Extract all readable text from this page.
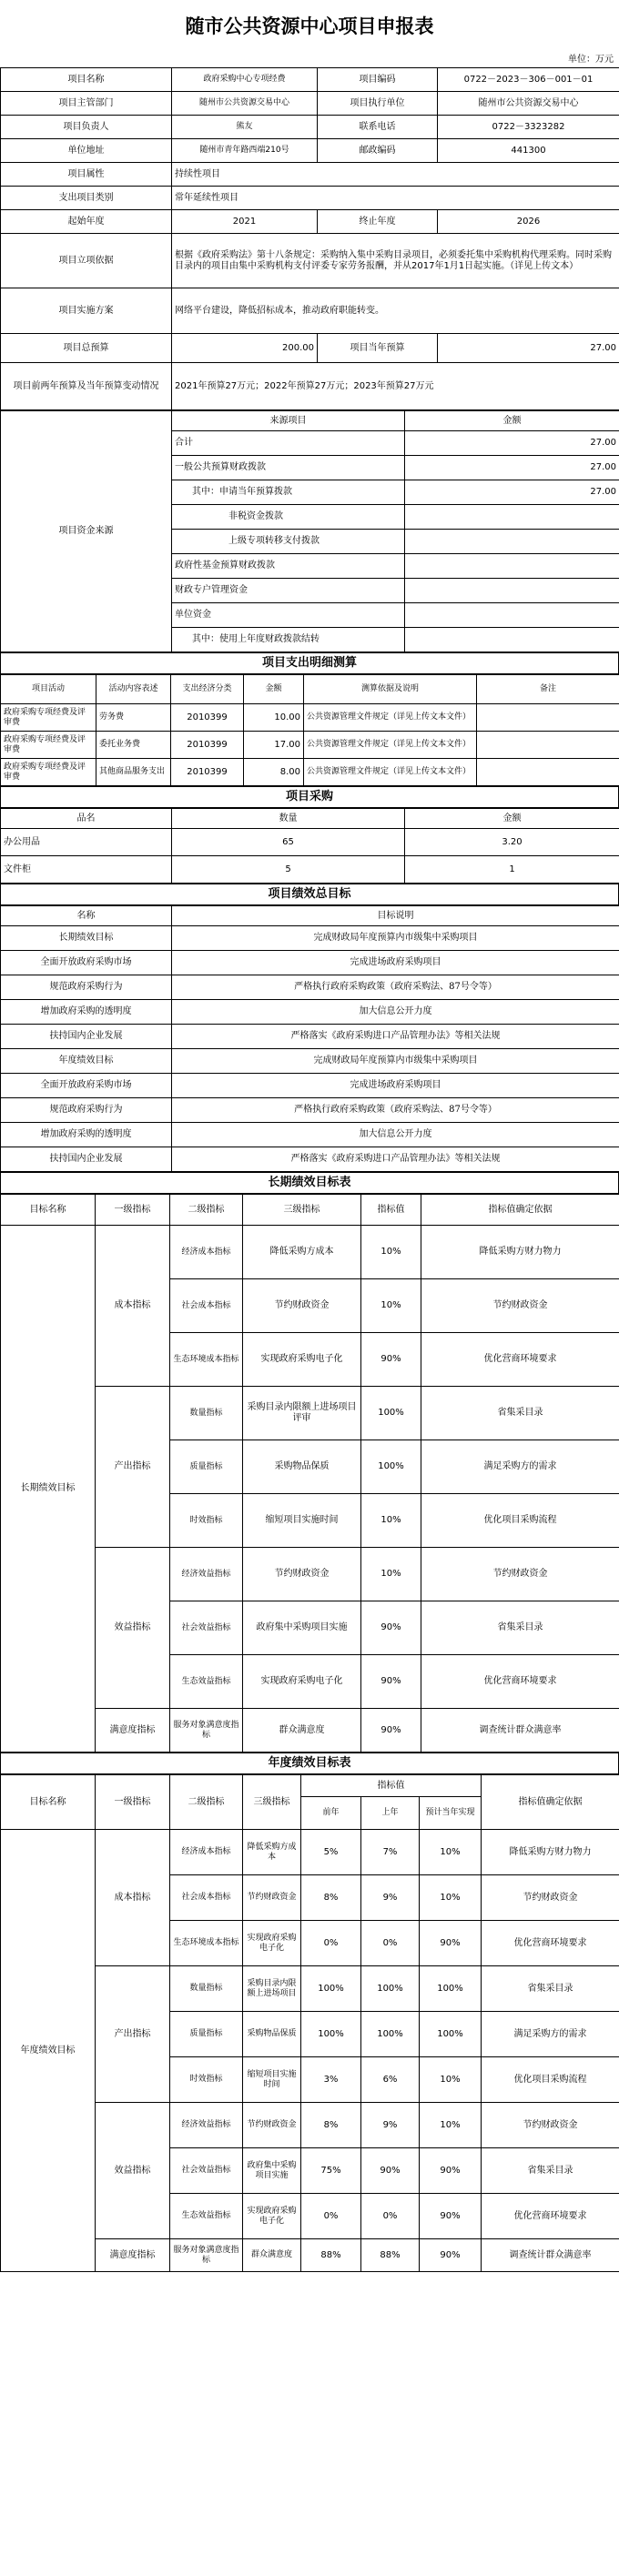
随市公共资源中心项目申报表
单位：万元
项目名称	政府采购中心专项经费	项目编码	0722－2023－306－001－01
项目主管部门	随州市公共资源交易中心	项目执行单位	随州市公共资源交易中心
项目负责人	熊友	联系电话	0722－3323282
单位地址	随州市青年路西端210号	邮政编码	441300
项目属性	持续性项目		
支出项目类别	常年延续性项目		
起始年度	2021	终止年度	2026
项目立项依据	根据《政府采购法》第十八条规定：采购纳入集中采购目录项目，必须委托集中采购机构代理采购。同时采购目录内的项目由集中采购机构支付评委专家劳务报酬，并从2017年1月1日起实施。（详见上传文本）		
项目实施方案	网络平台建设，降低招标成本，推动政府职能转变。		
项目总预算	200.00	项目当年预算	27.00
项目前两年预算及当年预算变动情况	2021年预算27万元；2022年预算27万元；2023年预算27万元		
项目资金来源	来源项目	金额
	合计	27.00
	一般公共预算财政拨款	27.00
	其中：申请当年预算拨款	27.00
	非税资金拨款	
	上级专项转移支付拨款	
	政府性基金预算财政拨款	
	财政专户管理资金	
	单位资金	
	其中：使用上年度财政拨款结转	
项目支出明细测算
项目活动	活动内容表述	支出经济分类	金额	测算依据及说明	备注
政府采购专项经费及评审费	劳务费	2010399	10.00	公共资源管理文件规定（详见上传文本文件）	
政府采购专项经费及评审费	委托业务费	2010399	17.00	公共资源管理文件规定（详见上传文本文件）	
政府采购专项经费及评审费	其他商品服务支出	2010399	8.00	公共资源管理文件规定（详见上传文本文件）	
项目采购
品名	数量	金额
办公用品	65	3.20
文件柜	5	1
项目绩效总目标
名称	目标说明
长期绩效目标	完成财政局年度预算内市级集中采购项目
全面开放政府采购市场	完成进场政府采购项目
规范政府采购行为	严格执行政府采购政策（政府采购法、87号令等）
增加政府采购的透明度	加大信息公开力度
扶持国内企业发展	严格落实《政府采购进口产品管理办法》等相关法规
年度绩效目标	完成财政局年度预算内市级集中采购项目
全面开放政府采购市场	完成进场政府采购项目
规范政府采购行为	严格执行政府采购政策（政府采购法、87号令等）
增加政府采购的透明度	加大信息公开力度
扶持国内企业发展	严格落实《政府采购进口产品管理办法》等相关法规
长期绩效目标表
目标名称	一级指标	二级指标	三级指标	指标值	指标值确定依据
长期绩效目标	成本指标	经济成本指标	降低采购方成本	10%	降低采购方财力物力
		社会成本指标	节约财政资金	10%	节约财政资金
		生态环境成本指标	实现政府采购电子化	90%	优化营商环境要求
	产出指标	数量指标	采购目录内限额上进场项目评审	100%	省集采目录
		质量指标	采购物品保质	100%	满足采购方的需求
		时效指标	缩短项目实施时间	10%	优化项目采购流程
	效益指标	经济效益指标	节约财政资金	10%	节约财政资金
		社会效益指标	政府集中采购项目实施	90%	省集采目录
		生态效益指标	实现政府采购电子化	90%	优化营商环境要求
	满意度指标	服务对象满意度指标	群众满意度	90%	调查统计群众满意率
年度绩效目标表
目标名称	一级指标	二级指标	三级指标	指标值			指标值确定依据
				前年	上年	预计当年实现	
年度绩效目标	成本指标	经济成本指标	降低采购方成本	5%	7%	10%	降低采购方财力物力
		社会成本指标	节约财政资金	8%	9%	10%	节约财政资金
		生态环境成本指标	实现政府采购电子化	0%	0%	90%	优化营商环境要求
	产出指标	数量指标	采购目录内限额上进场项目	100%	100%	100%	省集采目录
		质量指标	采购物品保质	100%	100%	100%	满足采购方的需求
		时效指标	缩短项目实施时间	3%	6%	10%	优化项目采购流程
	效益指标	经济效益指标	节约财政资金	8%	9%	10%	节约财政资金
		社会效益指标	政府集中采购项目实施	75%	90%	90%	省集采目录
		生态效益指标	实现政府采购电子化	0%	0%	90%	优化营商环境要求
	满意度指标	服务对象满意度指标	群众满意度	88%	88%	90%	调查统计群众满意率
